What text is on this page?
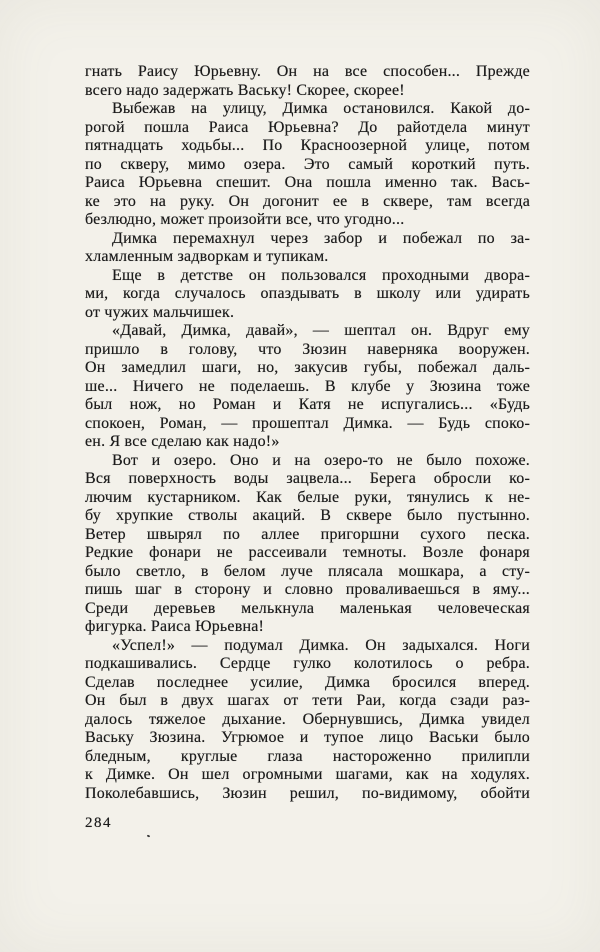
гнать Раису Юрьевну. Он на все способен... Прежде
всего надо задержать Ваську! Скорее, скорее!
Выбежав на улицу, Димка остановился. Какой до-
рогой пошла Раиса Юрьевна? До райотдела минут
пятнадцать ходьбы... По Красноозерной улице, потом
по скверу, мимо озера. Это самый короткий путь.
Раиса Юрьевна спешит. Она пошла именно так. Вась-
ке это на руку. Он догонит ее в сквере, там всегда
безлюдно, может произойти все, что угодно...
Димка перемахнул через забор и побежал по за-
хламленным задворкам и тупикам.
Еще в детстве он пользовался проходными двора-
ми, когда случалось опаздывать в школу или удирать
от чужих мальчишек.
«Давай, Димка, давай», — шептал он. Вдруг ему
пришло в голову, что Зюзин наверняка вооружен.
Он замедлил шаги, но, закусив губы, побежал даль-
ше... Ничего не поделаешь. В клубе у Зюзина тоже
был нож, но Роман и Катя не испугались... «Будь
спокоен, Роман, — прошептал Димка. — Будь споко-
ен. Я все сделаю как надо!»
Вот и озеро. Оно и на озеро-то не было похоже.
Вся поверхность воды зацвела... Берега обросли ко-
лючим кустарником. Как белые руки, тянулись к не-
бу хрупкие стволы акаций. В сквере было пустынно.
Ветер швырял по аллее пригоршни сухого песка.
Редкие фонари не рассеивали темноты. Возле фонаря
было светло, в белом луче плясала мошкара, а сту-
пишь шаг в сторону и словно проваливаешься в яму...
Среди деревьев мелькнула маленькая человеческая
фигурка. Раиса Юрьевна!
«Успел!» — подумал Димка. Он задыхался. Ноги
подкашивались. Сердце гулко колотилось о ребра.
Сделав последнее усилие, Димка бросился вперед.
Он был в двух шагах от тети Раи, когда сзади раз-
далось тяжелое дыхание. Обернувшись, Димка увидел
Ваську Зюзина. Угрюмое и тупое лицо Васьки было
бледным, круглые глаза настороженно прилипли
к Димке. Он шел огромными шагами, как на ходулях.
Поколебавшись, Зюзин решил, по-видимому, обойти
284
